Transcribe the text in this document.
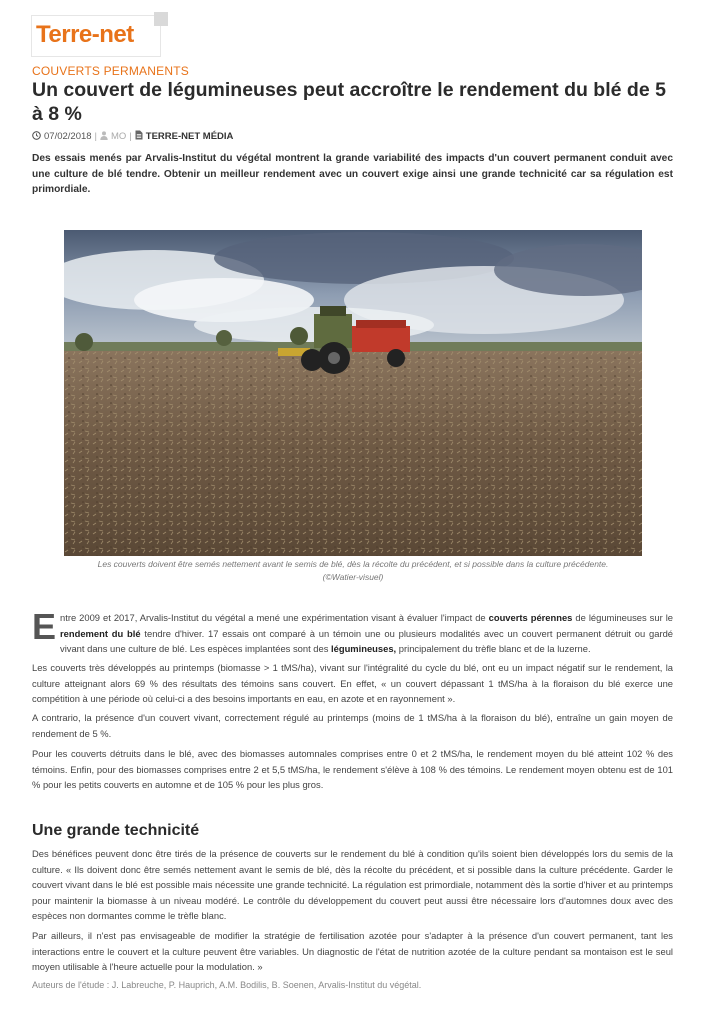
Terre-net
COUVERTS PERMANENTS
Un couvert de légumineuses peut accroître le rendement du blé de 5 à 8 %
07/02/2018 | MO | TERRE-NET MÉDIA

Des essais menés par Arvalis-Institut du végétal montrent la grande variabilité des impacts d'un couvert permanent conduit avec une culture de blé tendre. Obtenir un meilleur rendement avec un couvert exige ainsi une grande technicité car sa régulation est primordiale.

Les couverts doivent être semés nettement avant le semis de blé, dès la récolte du précédent, et si possible dans la culture précédente.
(©Watier-visuel)

Entre 2009 et 2017, Arvalis-Institut du végétal a mené une expérimentation visant à évaluer l'impact de couverts pérennes de légumineuses sur le rendement du blé tendre d'hiver. 17 essais ont comparé à un témoin une ou plusieurs modalités avec un couvert permanent détruit ou gardé vivant dans une culture de blé. Les espèces implantées sont des légumineuses, principalement du trèfle blanc et de la luzerne.

Les couverts très développés au printemps (biomasse > 1 tMS/ha), vivant sur l'intégralité du cycle du blé, ont eu un impact négatif sur le rendement, la culture atteignant alors 69 % des résultats des témoins sans couvert. En effet, « un couvert dépassant 1 tMS/ha à la floraison du blé exerce une compétition à une période où celui-ci a des besoins importants en eau, en azote et en rayonnement ».

A contrario, la présence d'un couvert vivant, correctement régulé au printemps (moins de 1 tMS/ha à la floraison du blé), entraîne un gain moyen de rendement de 5 %.

Pour les couverts détruits dans le blé, avec des biomasses automnales comprises entre 0 et 2 tMS/ha, le rendement moyen du blé atteint 102 % des témoins. Enfin, pour des biomasses comprises entre 2 et 5,5 tMS/ha, le rendement s'élève à 108 % des témoins. Le rendement moyen obtenu est de 101 % pour les petits couverts en automne et de 105 % pour les plus gros.

Une grande technicité

Des bénéfices peuvent donc être tirés de la présence de couverts sur le rendement du blé à condition qu'ils soient bien développés lors du semis de la culture. « Ils doivent donc être semés nettement avant le semis de blé, dès la récolte du précédent, et si possible dans la culture précédente. Garder le couvert vivant dans le blé est possible mais nécessite une grande technicité. La régulation est primordiale, notamment dès la sortie d'hiver et au printemps pour maintenir la biomasse à un niveau modéré. Le contrôle du développement du couvert peut aussi être nécessaire lors d'automnes doux avec des espèces non dormantes comme le trèfle blanc.

Par ailleurs, il n'est pas envisageable de modifier la stratégie de fertilisation azotée pour s'adapter à la présence d'un couvert permanent, tant les interactions entre le couvert et la culture peuvent être variables. Un diagnostic de l'état de nutrition azotée de la culture pendant sa montaison est le seul moyen utilisable à l'heure actuelle pour la modulation. »

Auteurs de l'étude : J. Labreuche, P. Hauprich, A.M. Bodilis, B. Soenen, Arvalis-Institut du végétal.
